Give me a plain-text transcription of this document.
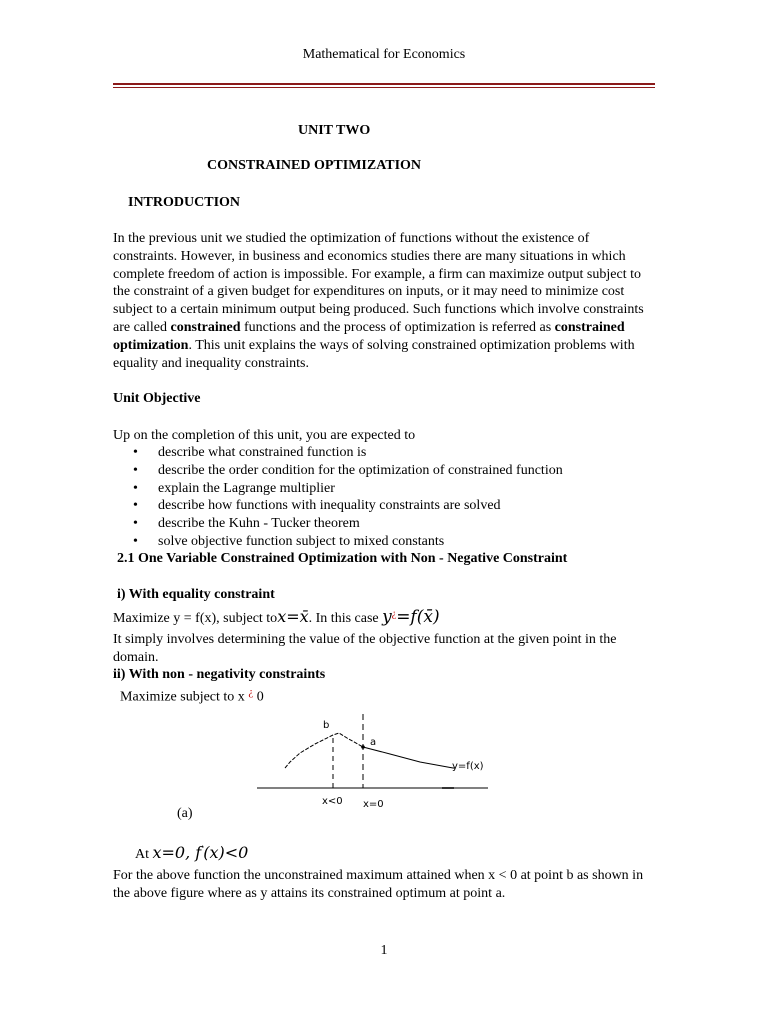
Mathematical for Economics
UNIT TWO
CONSTRAINED OPTIMIZATION
INTRODUCTION
In the previous unit we studied the optimization of functions without the existence of constraints. However, in business and economics studies there are many situations in which complete freedom of action is impossible. For example, a firm can maximize output subject to the constraint of a given budget for expenditures on inputs, or it may need to minimize cost subject to a certain minimum output being produced. Such functions which involve constraints are called constrained functions and the process of optimization is referred as constrained optimization. This unit explains the ways of solving constrained optimization problems with equality and inequality constraints.
Unit Objective
Up on the completion of this unit, you are expected to
• describe what constrained function is
• describe the order condition for the optimization of constrained function
• explain the Lagrange multiplier
• describe how functions with inequality constraints are solved
• describe the Kuhn - Tucker theorem
• solve objective function subject to mixed constants
2.1 One Variable Constrained Optimization with Non - Negative Constraint
i) With equality constraint
Maximize y = f(x), subject tox=x̄. In this case y¿=f(x̄)
It simply involves determining the value of the objective function at the given point in the domain.
ii) With non - negativity constraints
Maximize subject to x ¿ 0
b
a
y=f(x)
x<0 x=0
(a)
At x=0, f′(x)<0
For the above function the unconstrained maximum attained when x < 0 at point b as shown in the above figure where as y attains its constrained optimum at point a.
1
